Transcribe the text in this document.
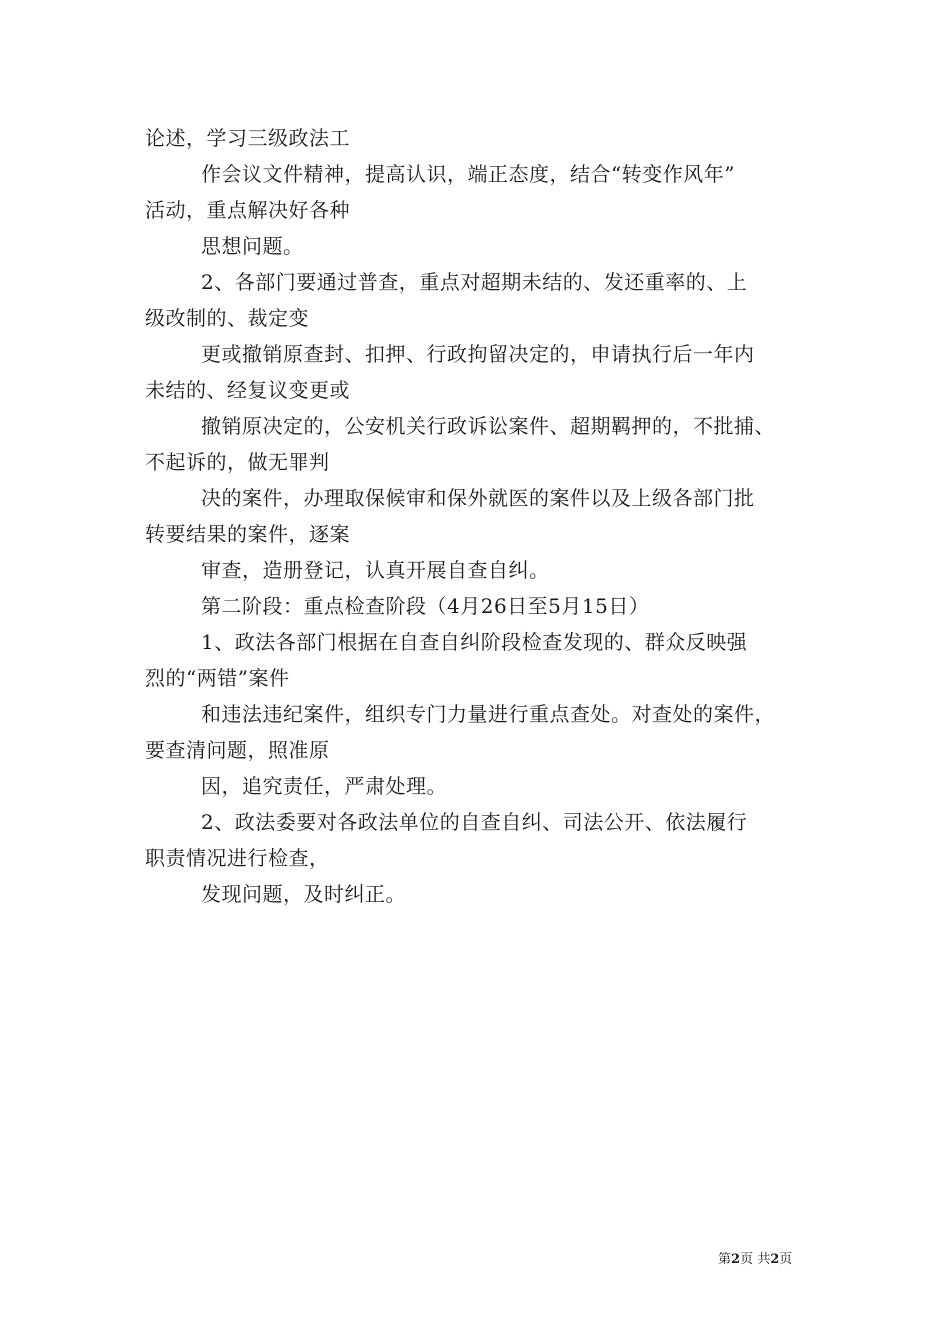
论述，学习三级政法工
作会议文件精神，提高认识，端正态度，结合“转变作风年”
活动，重点解决好各种
思想问题。
2、各部门要通过普查，重点对超期未结的、发还重率的、上
级改制的、裁定变
更或撤销原查封、扣押、行政拘留决定的，申请执行后一年内
未结的、经复议变更或
撤销原决定的，公安机关行政诉讼案件、超期羁押的，不批捕、
不起诉的，做无罪判
决的案件，办理取保候审和保外就医的案件以及上级各部门批
转要结果的案件，逐案
审查，造册登记，认真开展自查自纠。
第二阶段：重点检查阶段（4月26日至5月15日）
1、政法各部门根据在自查自纠阶段检查发现的、群众反映强
烈的“两错”案件
和违法违纪案件，组织专门力量进行重点查处。对查处的案件，
要查清问题，照准原
因，追究责任，严肃处理。
2、政法委要对各政法单位的自查自纠、司法公开、依法履行
职责情况进行检查，
发现问题，及时纠正。
第2页 共2页
